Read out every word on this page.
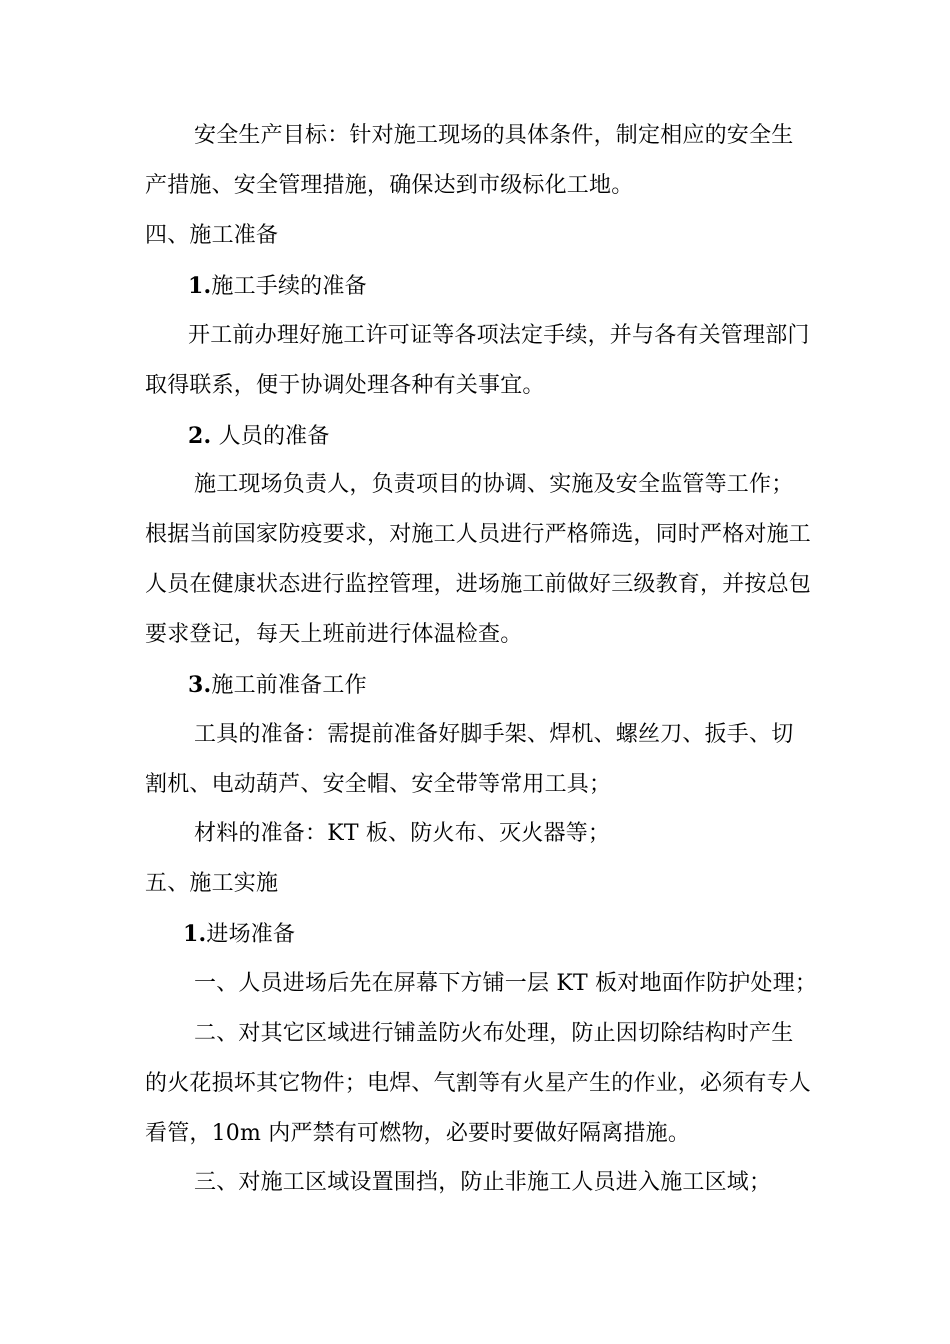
安全生产目标：针对施工现场的具体条件，制定相应的安全生
产措施、安全管理措施，确保达到市级标化工地。
四、施工准备
1.施工手续的准备
开工前办理好施工许可证等各项法定手续，并与各有关管理部门
取得联系，便于协调处理各种有关事宜。
2. 人员的准备
施工现场负责人，负责项目的协调、实施及安全监管等工作；
根据当前国家防疫要求，对施工人员进行严格筛选，同时严格对施工
人员在健康状态进行监控管理，进场施工前做好三级教育，并按总包
要求登记，每天上班前进行体温检查。
3.施工前准备工作
工具的准备：需提前准备好脚手架、焊机、螺丝刀、扳手、切
割机、电动葫芦、安全帽、安全带等常用工具；
材料的准备：KT 板、防火布、灭火器等；
五、施工实施
1.进场准备
一、人员进场后先在屏幕下方铺一层 KT 板对地面作防护处理；
二、对其它区域进行铺盖防火布处理，防止因切除结构时产生
的火花损坏其它物件；电焊、气割等有火星产生的作业，必须有专人
看管，10m 内严禁有可燃物，必要时要做好隔离措施。
三、对施工区域设置围挡，防止非施工人员进入施工区域；
